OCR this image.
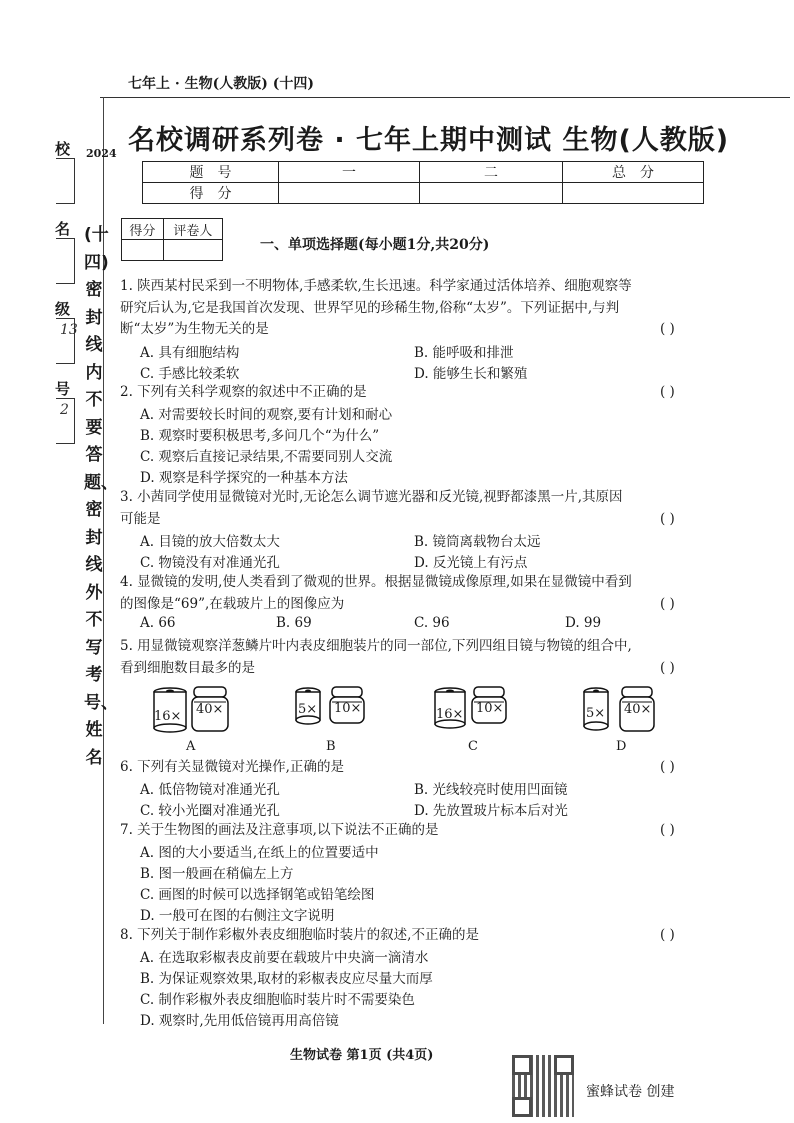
七年上 · 生物(人教版) (十四)
校
名
级
13
号
2
2024
(十四)密封线内不要答题、密封线外不写考号、姓名
名校调研系列卷 · 七年上期中测试 生物(人教版)
题　号	一	二	总　分
得　分			
得分	评卷人

一、单项选择题(每小题1分,共20分)
1. 陕西某村民采到一不明物体,手感柔软,生长迅速。科学家通过活体培养、细胞观察等
研究后认为,它是我国首次发现、世界罕见的珍稀生物,俗称“太岁”。下列证据中,与判
断“太岁”为生物无关的是	( )
A. 具有细胞结构	B. 能呼吸和排泄
C. 手感比较柔软	D. 能够生长和繁殖
2. 下列有关科学观察的叙述中不正确的是	( )
A. 对需要较长时间的观察,要有计划和耐心
B. 观察时要积极思考,多问几个“为什么”
C. 观察后直接记录结果,不需要同别人交流
D. 观察是科学探究的一种基本方法
3. 小茜同学使用显微镜对光时,无论怎么调节遮光器和反光镜,视野都漆黑一片,其原因
可能是	( )
A. 目镜的放大倍数太大	B. 镜筒离载物台太远
C. 物镜没有对准通光孔	D. 反光镜上有污点
4. 显微镜的发明,使人类看到了微观的世界。根据显微镜成像原理,如果在显微镜中看到
的图像是“69”,在载玻片上的图像应为	( )
A. 66	B. 69	C. 96	D. 99
5. 用显微镜观察洋葱鳞片叶内表皮细胞装片的同一部位,下列四组目镜与物镜的组合中,
看到细胞数目最多的是	( )
16× 40×
A
5× 10×
B
16× 10×
C
5× 40×
D
6. 下列有关显微镜对光操作,正确的是	( )
A. 低倍物镜对准通光孔	B. 光线较亮时使用凹面镜
C. 较小光圈对准通光孔	D. 先放置玻片标本后对光
7. 关于生物图的画法及注意事项,以下说法不正确的是	( )
A. 图的大小要适当,在纸上的位置要适中
B. 图一般画在稍偏左上方
C. 画图的时候可以选择钢笔或铅笔绘图
D. 一般可在图的右侧注文字说明
8. 下列关于制作彩椒外表皮细胞临时装片的叙述,不正确的是	( )
A. 在选取彩椒表皮前要在载玻片中央滴一滴清水
B. 为保证观察效果,取材的彩椒表皮应尽量大而厚
C. 制作彩椒外表皮细胞临时装片时不需要染色
D. 观察时,先用低倍镜再用高倍镜
生物试卷 第1页 (共4页)
蜜蜂试卷 创建
